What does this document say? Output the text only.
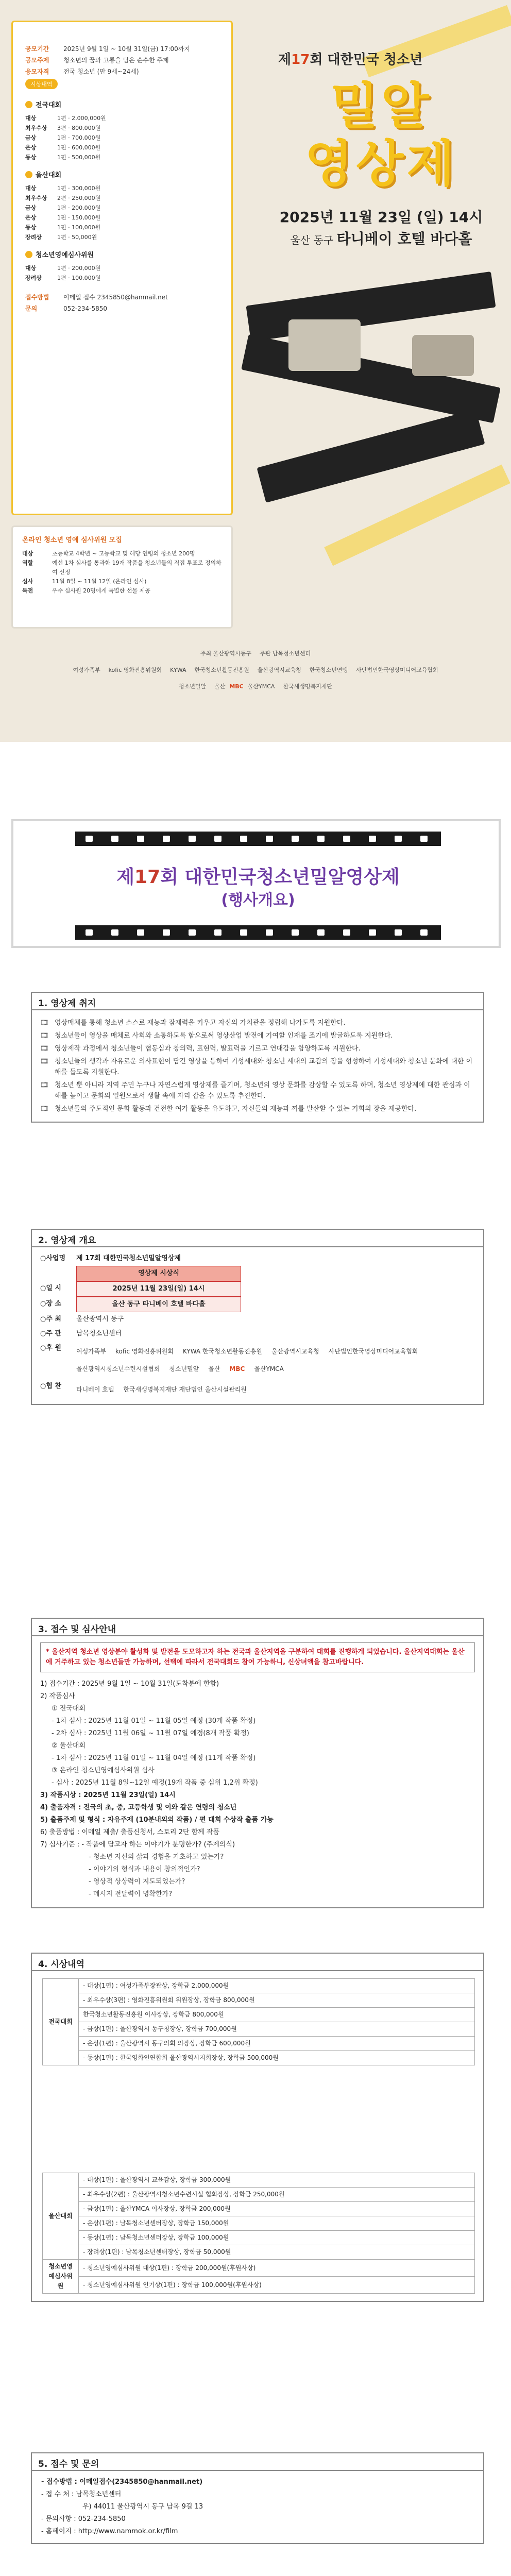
공모기간	2025년 9월 1일 ~ 10월 31일(금) 17:00까지
공모주제	청소년의 꿈과 고통을 담은 순수한 주제
응모자격	전국 청소년 (만 9세~24세)
시상내역
전국대회
대상	1편 · 2,000,000원
최우수상	3편 · 800,000원
금상	1편 · 700,000원
은상	1편 · 600,000원
동상	1편 · 500,000원
울산대회
대상	1편 · 300,000원
최우수상	2편 · 250,000원
금상	1편 · 200,000원
은상	1편 · 150,000원
동상	1편 · 100,000원
장려상	1편 · 50,000원
청소년영예심사위원
대상	1편 · 200,000원
장려상	1편 · 100,000원
접수방법	이메일 접수 2345850@hanmail.net
문의	052-234-5850
온라인 청소년 영예 심사위원 모집
대상	초등학교 4학년 ~ 고등학교 및 해당 연령의 청소년 200명
역할	예선 1차 심사를 통과한 19개 작품을 청소년들의 직접 투표로 정의하여 선정
심사	11월 8일 ~ 11월 12일 (온라인 심사)
특전	우수 심사원 20명에게 특별한 선물 제공
제17회 대한민국 청소년
밀알
영상제
2025년 11월 23일 (일) 14시
울산 동구 타니베이 호텔 바다홀
주최 울산광역시동구 주관 남목청소년센터
여성가족부 kofic 영화진흥위원회 KYWA 한국청소년활동진흥원 울산광역시교육청 한국청소년연맹 사단법인한국영상미디어교육협회
청소년밀알 울산 MBC 울산YMCA 한국새생명복지재단
제17회 대한민국청소년밀알영상제
(행사개요)
1. 영상제 취지
🎞 영상매체를 통해 청소년 스스로 재능과 잠재력을 키우고 자신의 가치관을 정립해 나가도록 지원한다.
🎞 청소년들이 영상을 매체로 사회와 소통하도록 함으로써 영상산업 발전에 기여할 인재를 조기에 발굴하도록 지원한다.
🎞 영상제작 과정에서 청소년들이 협동심과 창의력, 표현력, 발표력을 기르고 연대감을 함양하도록 지원한다.
🎞 청소년들의 생각과 자유로운 의사표현이 담긴 영상을 통하여 기성세대와 청소년 세대의 교감의 장을 형성하여 기성세대와 청소년 문화에 대한 이해를 돕도록 지원한다.
🎞 청소년 뿐 아니라 지역 주민 누구나 자연스럽게 영상제를 즐기며, 청소년의 영상 문화를 감상할 수 있도록 하며, 청소년 영상제에 대한 관심과 이해를 높이고 문화의 일원으로서 생활 속에 자리 잡을 수 있도록 추진한다.
🎞 청소년들의 주도적인 문화 활동과 건전한 여가 활동을 유도하고, 자신들의 재능과 끼를 발산할 수 있는 기회의 장을 제공한다.
2. 영상제 개요
○사업명	제 17회 대한민국청소년밀알영상제
영상제 시상식
○일 시	2025년 11월 23일(일) 14시
○장 소	울산 동구 타니베이 호텔 바다홀
○주 최	울산광역시 동구
○주 관	남목청소년센터
○후 원	여성가족부 kofic 영화진흥위원회 KYWA 한국청소년활동진흥원 울산광역시교육청 사단법인한국영상미디어교육협회
울산광역시청소년수련시설협회 청소년밀알 울산 MBC 울산YMCA
○협 찬	타니베이 호텔 한국새생명복지재단 재단법인 울산시설관리원
3. 접수 및 심사안내
* 울산지역 청소년 영상분야 활성화 및 발전을 도모하고자 하는 전국과 울산지역을 구분하여 대회를 진행하게 되었습니다. 울산지역대회는 울산에 거주하고 있는 청소년들만 가능하며, 선택에 따라서 전국대회도 참여 가능하니, 신상녀액을 참고바랍니다.
1) 접수기간 : 2025년 9월 1일 ~ 10월 31일(도착분에 한함)
2) 작품심사
① 전국대회
- 1차 심사 : 2025년 11월 01일 ~ 11월 05일 예정 (30개 작품 확정)
- 2차 심사 : 2025년 11월 06일 ~ 11월 07일 예정(8개 작품 확정)
② 울산대회
- 1차 심사 : 2025년 11월 01일 ~ 11월 04일 예정 (11개 작품 확정)
③ 온라인 청소년영예심사위원 심사
- 심사 : 2025년 11월 8일~12일 예정(19개 작품 중 심위 1,2위 확정)
3) 작품시상 : 2025년 11월 23일(일) 14시
4) 출품자격 : 전국의 초, 중, 고등학생 및 이와 같은 연령의 청소년
5) 출품주제 및 형식 : 자유주제 (10분내외의 작품) / 편 대회 수상작 출품 가능
6) 출품방법 : 이메일 제출/ 출품신청서, 스토리 2단 함께 작품
7) 심사기준 : - 작품에 담고자 하는 이야기가 분명한가? (주제의식)
- 청소년 자신의 삶과 경험을 기초하고 있는가?
- 이야기의 형식과 내용이 창의적인가?
- 영상적 상상력이 지도되었는가?
- 메시지 전달력이 명확한가?
4. 시상내역
전국대회	- 대상(1편) : 여성가족부장관상, 장학금 2,000,000원
- 최우수상(3편) : 영화진흥위원회 위원장상, 장학금 800,000원
한국청소년활동진흥원 이사장상, 장학금 800,000원
- 금상(1편) : 울산광역시 동구청장상, 장학금 700,000원
- 은상(1편) : 울산광역시 동구의회 의장상, 장학금 600,000원
- 동상(1편) : 한국영화인연합회 울산광역시지회장상, 장학금 500,000원
울산대회	- 대상(1편) : 울산광역시 교육감상, 장학금 300,000원
	- 최우수상(2편) : 울산광역시청소년수련시설 협회장상, 장학금 250,000원
	- 금상(1편) : 울산YMCA 이사장상, 장학금 200,000원
	- 은상(1편) : 남목청소년센터장상, 장학금 150,000원
	- 동상(1편) : 남목청소년센터장상, 장학금 100,000원
	- 장려상(1편) : 남목청소년센터장상, 장학금 50,000원
청소년영예심사위원	- 청소년영예심사위원 대상(1편) : 장학금 200,000원(후원사상)
	- 청소년영예심사위원 인기상(1편) : 장학금 100,000원(후원사상)
5. 접수 및 문의
- 접수방법 : 이메일접수(2345850@hanmail.net)
- 접 수 처 : 남목청소년센터
우) 44011 울산광역시 동구 남목 9길 13
- 문의사항 : 052-234-5850
- 홈페이지 : http://www.nammok.or.kr/film
